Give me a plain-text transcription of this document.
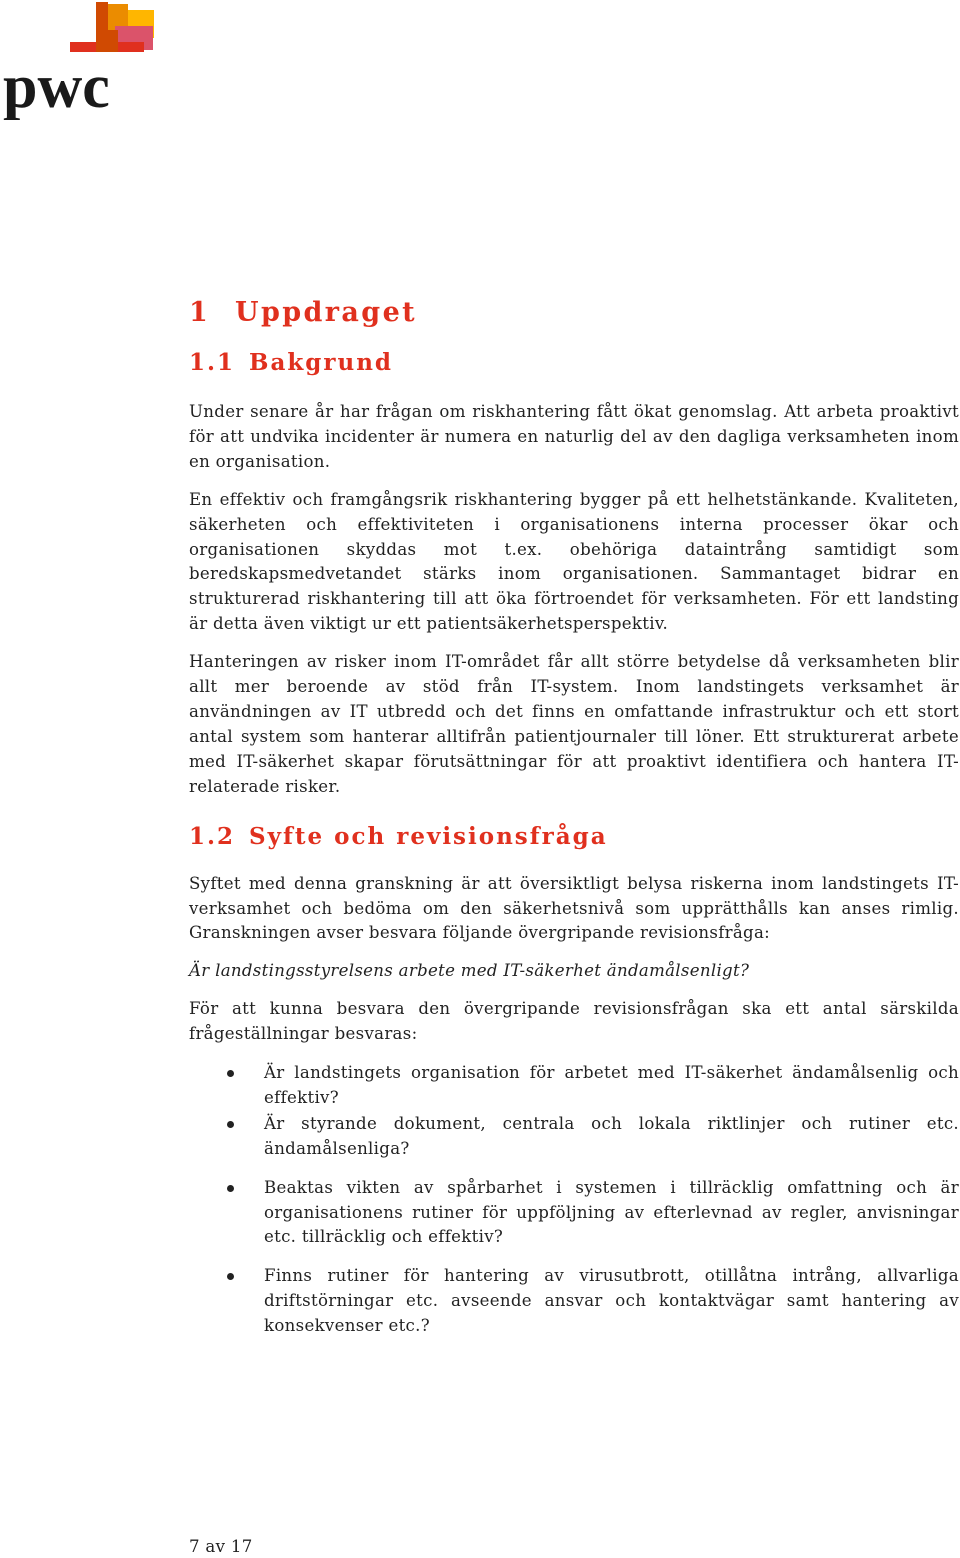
pwc
1 Uppdraget
1.1 Bakgrund

Under senare år har frågan om riskhantering fått ökat genomslag. Att arbeta proaktivt för att undvika incidenter är numera en naturlig del av den dagliga verksamheten inom en organisation.

En effektiv och framgångsrik riskhantering bygger på ett helhetstänkande. Kvaliteten, säkerheten och effektiviteten i organisationens interna processer ökar och organisationen skyddas mot t.ex. obehöriga dataintrång samtidigt som beredskapsmedvetandet stärks inom organisationen. Sammantaget bidrar en strukturerad riskhantering till att öka förtroendet för verksamheten. För ett landsting är detta även viktigt ur ett patientsäkerhetsperspektiv.

Hanteringen av risker inom IT-området får allt större betydelse då verksamheten blir allt mer beroende av stöd från IT-system. Inom landstingets verksamhet är användningen av IT utbredd och det finns en omfattande infrastruktur och ett stort antal system som hanterar alltifrån patientjournaler till löner. Ett strukturerat arbete med IT-säkerhet skapar förutsättningar för att proaktivt identifiera och hantera IT-relaterade risker.

1.2 Syfte och revisionsfråga

Syftet med denna granskning är att översiktligt belysa riskerna inom landstingets IT-verksamhet och bedöma om den säkerhetsnivå som upprätthålls kan anses rimlig. Granskningen avser besvara följande övergripande revisionsfråga:

Är landstingsstyrelsens arbete med IT-säkerhet ändamålsenligt?

För att kunna besvara den övergripande revisionsfrågan ska ett antal särskilda frågeställningar besvaras:

Är landstingets organisation för arbetet med IT-säkerhet ändamålsenlig och effektiv?
Är styrande dokument, centrala och lokala riktlinjer och rutiner etc. ändamålsenliga?
Beaktas vikten av spårbarhet i systemen i tillräcklig omfattning och är organisationens rutiner för uppföljning av efterlevnad av regler, anvisningar etc. tillräcklig och effektiv?
Finns rutiner för hantering av virusutbrott, otillåtna intrång, allvarliga driftstörningar etc. avseende ansvar och kontaktvägar samt hantering av konsekvenser etc.?
7 av 17
